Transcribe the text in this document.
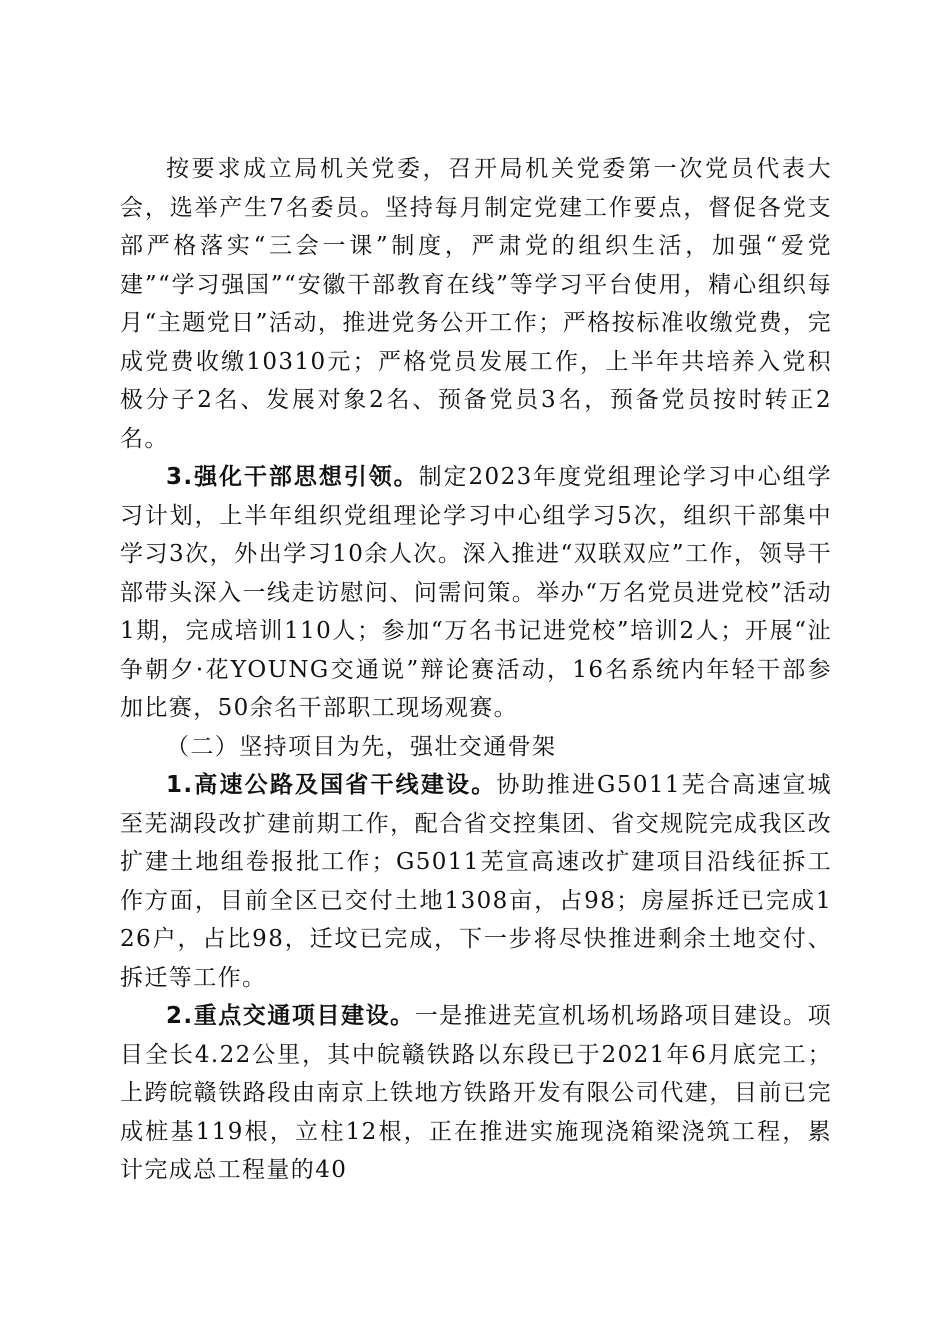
按要求成立局机关党委，召开局机关党委第一次党员代表大会，选举产生7名委员。坚持每月制定党建工作要点，督促各党支部严格落实“三会一课”制度，严肃党的组织生活，加强“爱党建”“学习强国”“安徽干部教育在线”等学习平台使用，精心组织每月“主题党日”活动，推进党务公开工作；严格按标准收缴党费，完成党费收缴10310元；严格党员发展工作，上半年共培养入党积极分子2名、发展对象2名、预备党员3名，预备党员按时转正2名。

3.强化干部思想引领。制定2023年度党组理论学习中心组学习计划，上半年组织党组理论学习中心组学习5次，组织干部集中学习3次，外出学习10余人次。深入推进“双联双应”工作，领导干部带头深入一线走访慰问、问需问策。举办“万名党员进党校”活动1期，完成培训110人；参加“万名书记进党校”培训2人；开展“沚争朝夕·花YOUNG交通说”辩论赛活动，16名系统内年轻干部参加比赛，50余名干部职工现场观赛。

（二）坚持项目为先，强壮交通骨架

1.高速公路及国省干线建设。协助推进G5011芜合高速宣城至芜湖段改扩建前期工作，配合省交控集团、省交规院完成我区改扩建土地组卷报批工作；G5011芜宣高速改扩建项目沿线征拆工作方面，目前全区已交付土地1308亩，占98；房屋拆迁已完成126户，占比98，迁坟已完成，下一步将尽快推进剩余土地交付、拆迁等工作。

2.重点交通项目建设。一是推进芜宣机场机场路项目建设。项目全长4.22公里，其中皖赣铁路以东段已于2021年6月底完工；上跨皖赣铁路段由南京上铁地方铁路开发有限公司代建，目前已完成桩基119根，立柱12根，正在推进实施现浇箱梁浇筑工程，累计完成总工程量的40
